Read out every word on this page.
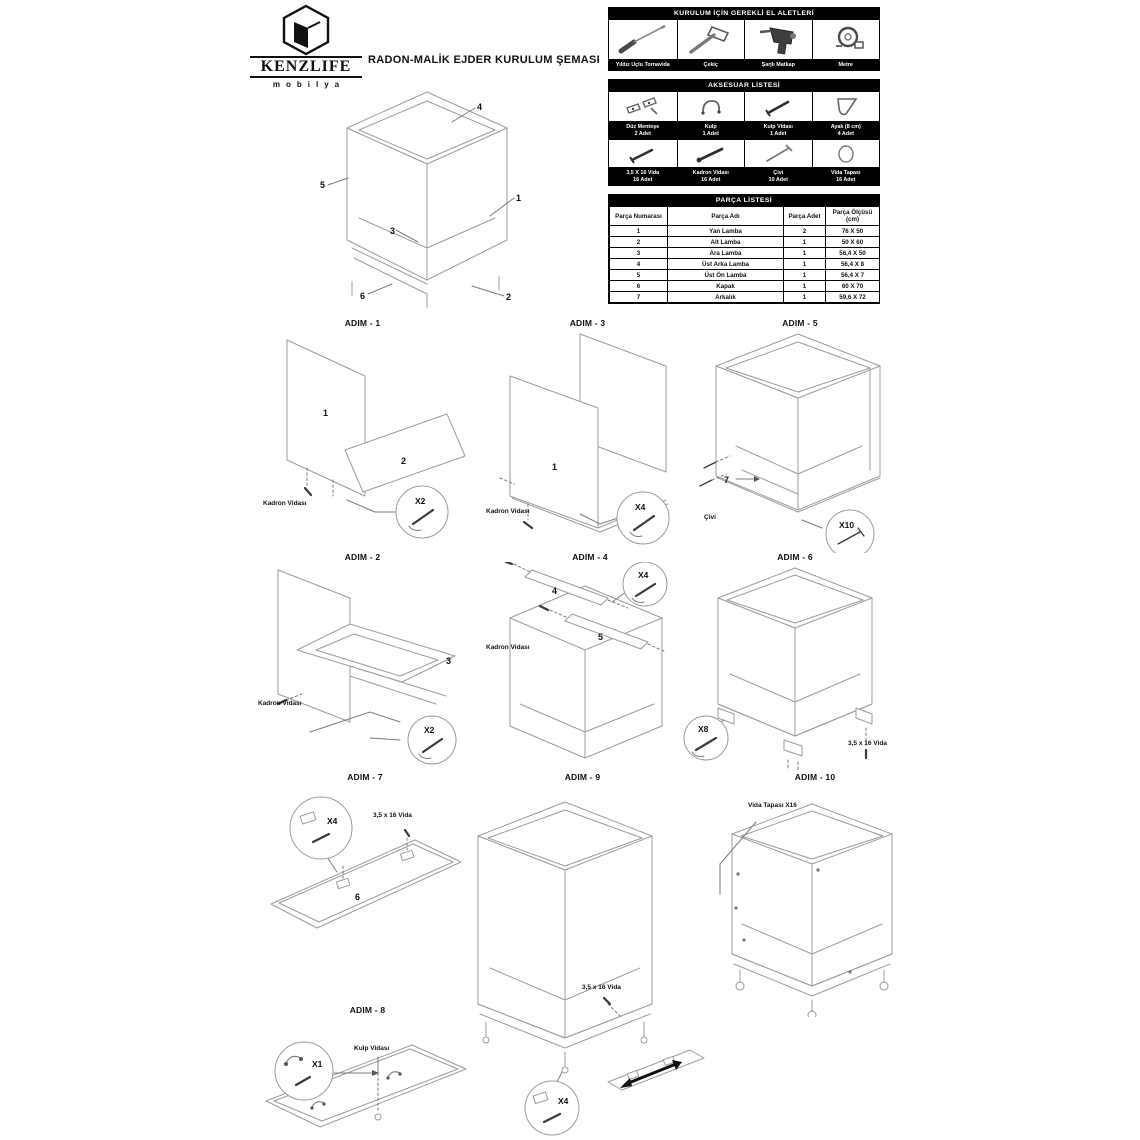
KENZLIFE
mobilya
RADON-MALİK EJDER KURULUM ŞEMASI
KURULUM İÇİN GEREKLİ EL ALETLERİ
Yıldız Uçlu Tornavida	Çekiç	Şarjlı Matkap	Metre
AKSESUAR LİSTESİ
Düz Menteşe
2 Adet
Kulp
1 Adet
Kulp Vidası
1 Adet
Ayak (8 cm)
4 Adet
3,5 X 16 Vida
16 Adet
Kadron Vidası
16 Adet
Çivi
10 Adet
Vida Tapası
16 Adet
PARÇA LİSTESİ
Parça Numarası	Parça Adı	Parça Adet	Parça Ölçüsü (cm)
1	Yan Lamba	2	76 X 50
2	Alt Lamba	1	50 X 60
3	Ara Lamba	1	56,4 X 50
4	Üst Arka Lamba	1	56,4 X 8
5	Üst Ön Lamba	1	56,4 X 7
6	Kapak	1	60 X 70
7	Arkalık	1	59,6 X 72
4
5
1
3
6	2
ADIM - 1
X2
1
2
Kadron Vidası
ADIM - 3
X4
1
Kadron Vidası
ADIM - 5
X10
7
Çivi
ADIM - 2
X2
3
Kadron Vidası
ADIM - 4
X4
4
5
Kadron Vidası
ADIM - 6
X8
3,5 x 16 Vida
ADIM - 7
X4
6
3,5 x 16 Vida
ADIM - 9
X4
3,5 x 16 Vida
ADIM - 10
Vida Tapası X16
ADIM - 8
X1
Kulp Vidası
